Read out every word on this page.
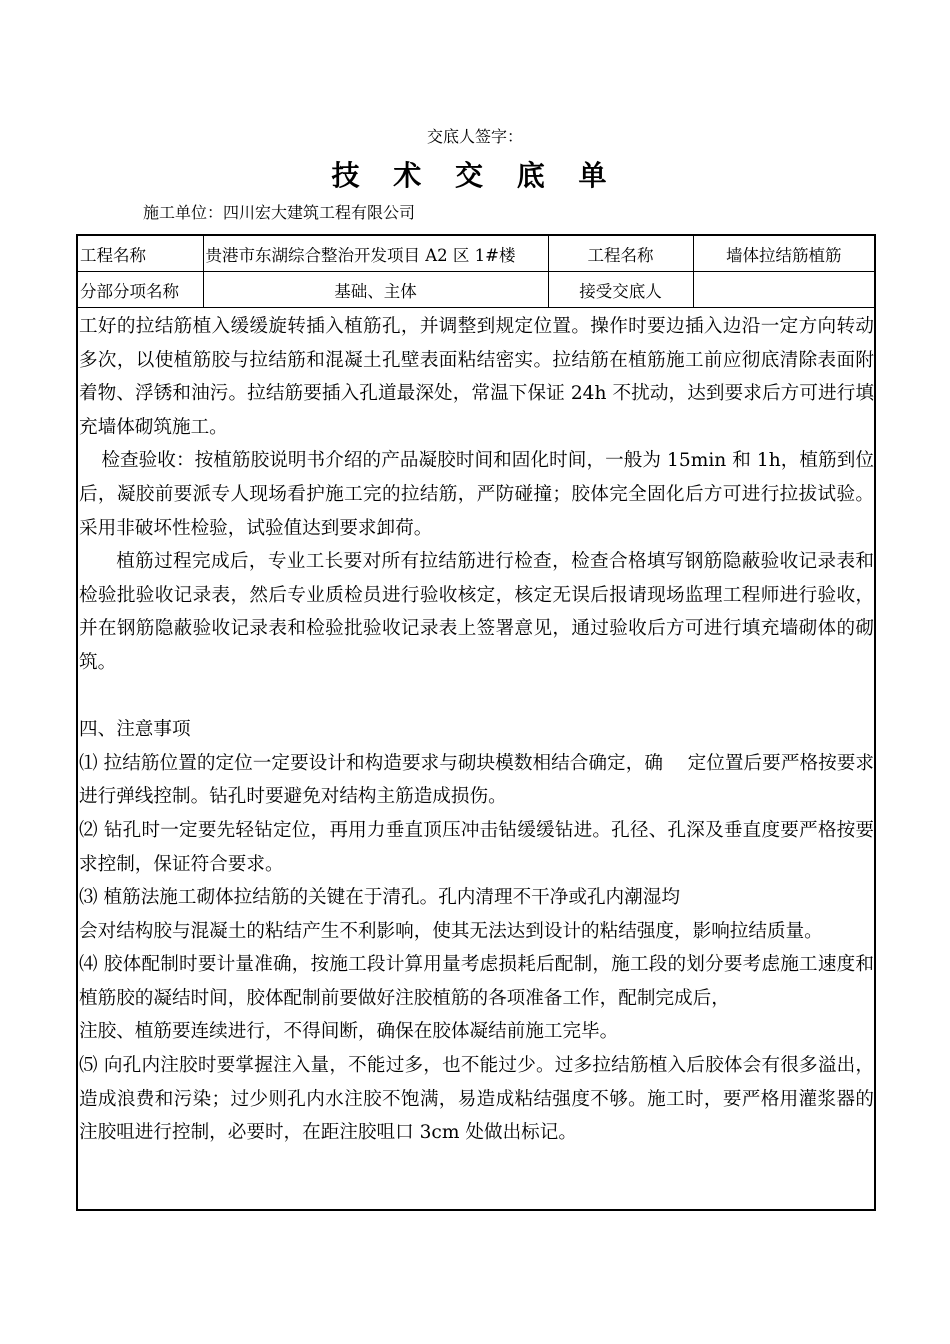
交底人签字：
技 术 交 底 单
施工单位：四川宏大建筑工程有限公司
工程名称	贵港市东湖综合整治开发项目 A2 区 1#楼	工程名称	墙体拉结筋植筋
分部分项名称	基础、主体	接受交底人	

工好的拉结筋植入缓缓旋转插入植筋孔，并调整到规定位置。操作时要边插入边沿一定方向转动多次，以使植筋胶与拉结筋和混凝土孔壁表面粘结密实。拉结筋在植筋施工前应彻底清除表面附着物、浮锈和油污。拉结筋要插入孔道最深处，常温下保证 24h 不扰动，达到要求后方可进行填充墙体砌筑施工。

检查验收：按植筋胶说明书介绍的产品凝胶时间和固化时间，一般为 15min 和 1h，植筋到位后，凝胶前要派专人现场看护施工完的拉结筋，严防碰撞；胶体完全固化后方可进行拉拔试验。采用非破坏性检验，试验值达到要求卸荷。

植筋过程完成后，专业工长要对所有拉结筋进行检查，检查合格填写钢筋隐蔽验收记录表和检验批验收记录表，然后专业质检员进行验收核定，核定无误后报请现场监理工程师进行验收，并在钢筋隐蔽验收记录表和检验批验收记录表上签署意见，通过验收后方可进行填充墙砌体的砌筑。

四、注意事项

⑴ 拉结筋位置的定位一定要设计和构造要求与砌块模数相结合确定，确　 定位置后要严格按要求进行弹线控制。钻孔时要避免对结构主筋造成损伤。

⑵ 钻孔时一定要先轻钻定位，再用力垂直顶压冲击钻缓缓钻进。孔径、孔深及垂直度要严格按要求控制，保证符合要求。

⑶ 植筋法施工砌体拉结筋的关键在于清孔。孔内清理不干净或孔内潮湿均

会对结构胶与混凝土的粘结产生不利影响，使其无法达到设计的粘结强度，影响拉结质量。

⑷ 胶体配制时要计量准确，按施工段计算用量考虑损耗后配制，施工段的划分要考虑施工速度和植筋胶的凝结时间，胶体配制前要做好注胶植筋的各项准备工作，配制完成后，

注胶、植筋要连续进行，不得间断，确保在胶体凝结前施工完毕。

⑸ 向孔内注胶时要掌握注入量，不能过多，也不能过少。过多拉结筋植入后胶体会有很多溢出，造成浪费和污染；过少则孔内水注胶不饱满，易造成粘结强度不够。施工时，要严格用灌浆器的注胶咀进行控制，必要时，在距注胶咀口 3cm 处做出标记。
